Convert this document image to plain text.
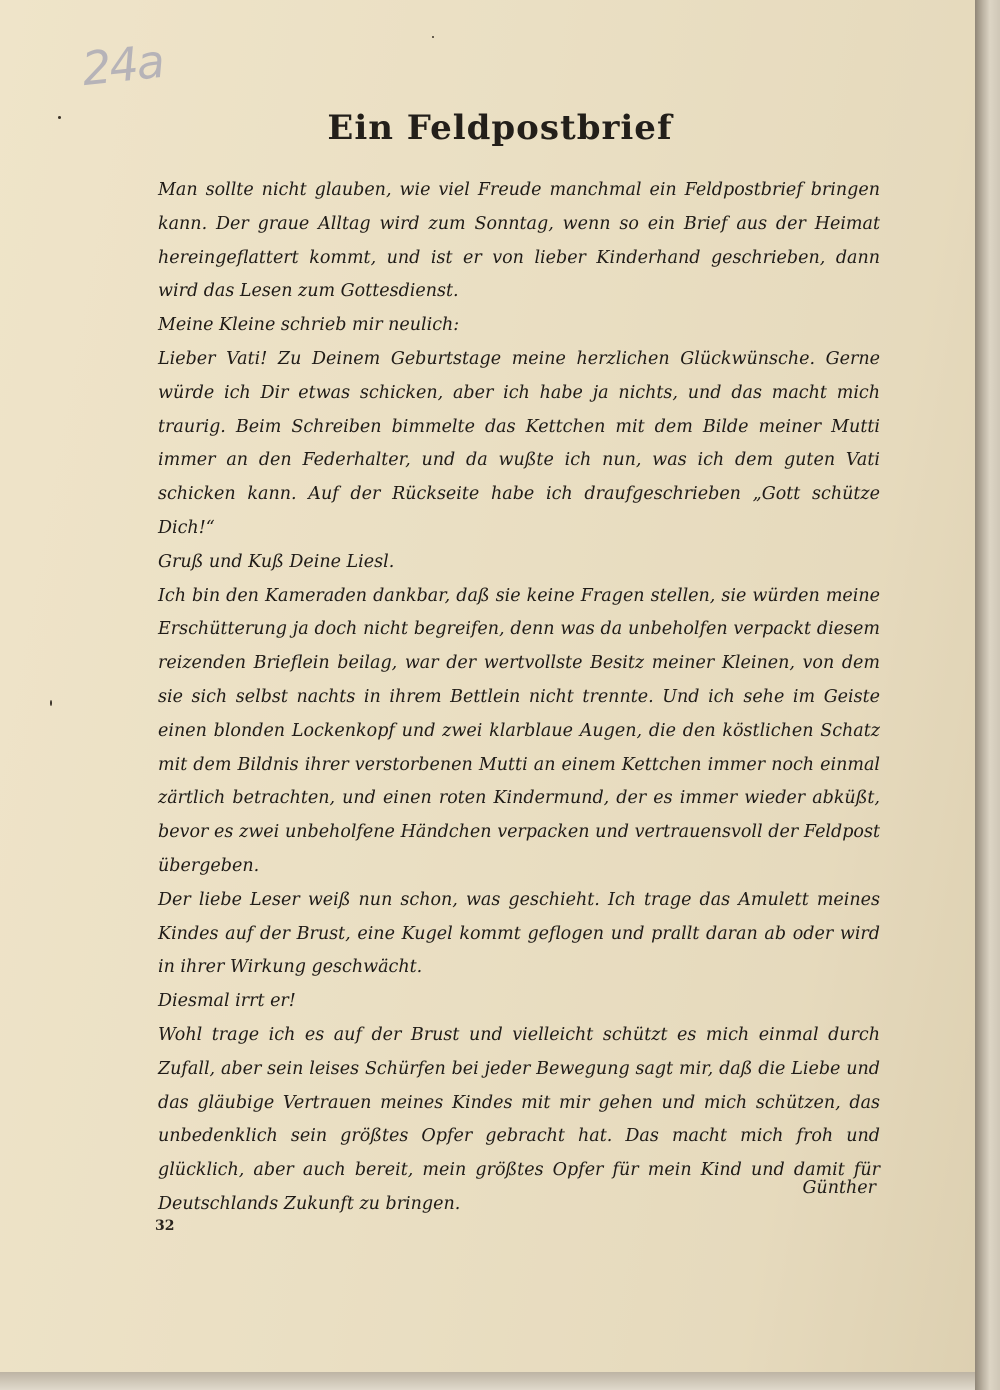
24a
Ein Feldpostbrief

Man sollte nicht glauben, wie viel Freude manchmal ein Feldpostbrief bringen kann. Der graue Alltag wird zum Sonntag, wenn so ein Brief aus der Heimat hereingeflattert kommt, und ist er von lieber Kinderhand geschrieben, dann wird das Lesen zum Gottesdienst.

Meine Kleine schrieb mir neulich:

Lieber Vati! Zu Deinem Geburtstage meine herzlichen Glückwünsche. Gerne würde ich Dir etwas schicken, aber ich habe ja nichts, und das macht mich traurig. Beim Schreiben bimmelte das Kettchen mit dem Bilde meiner Mutti immer an den Federhalter, und da wußte ich nun, was ich dem guten Vati schicken kann. Auf der Rückseite habe ich draufgeschrieben „Gott schütze Dich!“

Gruß und Kuß Deine Liesl.

Ich bin den Kameraden dankbar, daß sie keine Fragen stellen, sie würden meine Erschütterung ja doch nicht begreifen, denn was da unbeholfen verpackt diesem reizenden Brieflein beilag, war der wertvollste Besitz meiner Kleinen, von dem sie sich selbst nachts in ihrem Bettlein nicht trennte. Und ich sehe im Geiste einen blonden Lockenkopf und zwei klarblaue Augen, die den köstlichen Schatz mit dem Bildnis ihrer verstorbenen Mutti an einem Kettchen immer noch einmal zärtlich betrachten, und einen roten Kindermund, der es immer wieder abküßt, bevor es zwei unbeholfene Händchen verpacken und vertrauensvoll der Feldpost übergeben.

Der liebe Leser weiß nun schon, was geschieht. Ich trage das Amulett meines Kindes auf der Brust, eine Kugel kommt geflogen und prallt daran ab oder wird in ihrer Wirkung geschwächt.

Diesmal irrt er!

Wohl trage ich es auf der Brust und vielleicht schützt es mich einmal durch Zufall, aber sein leises Schürfen bei jeder Bewegung sagt mir, daß die Liebe und das gläubige Vertrauen meines Kindes mit mir gehen und mich schützen, das unbedenklich sein größtes Opfer gebracht hat. Das macht mich froh und glücklich, aber auch bereit, mein größtes Opfer für mein Kind und damit für Deutschlands Zukunft zu bringen.

Günther
32
